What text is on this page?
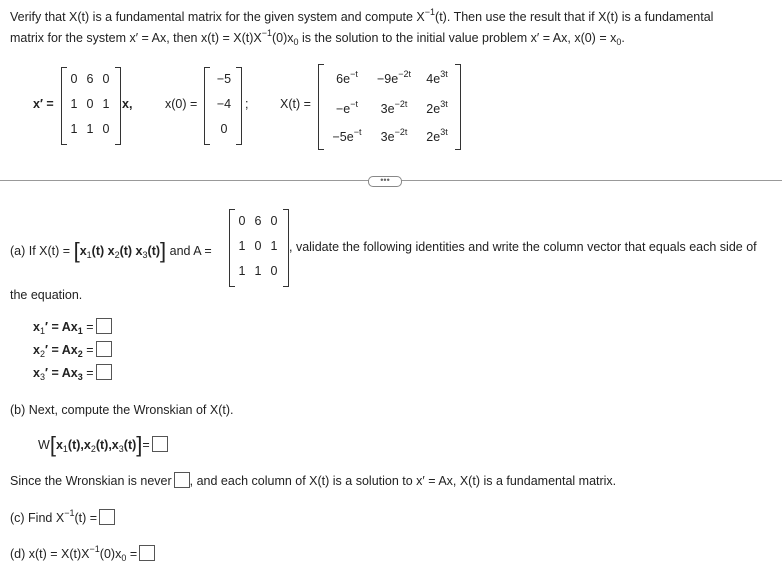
Verify that X(t) is a fundamental matrix for the given system and compute $X^{-1}(t)$. Then use the result that if X(t) is a fundamental
matrix for the system x′ = Ax, then $x(t) = X(t)X^{-1}(0)x_0$ is the solution to the initial value problem x′ = Ax, $x(0) = x_0$.
x′ =
0 6 0
1 0 1
1 1 0
x,	x(0) =
−5
−4
0
;	X(t) =
$6e^{-t}$	$-9e^{-2t}$	$4e^{3t}$
$-e^{-t}$	$3e^{-2t}$	$2e^{3t}$
$-5e^{-t}$	$3e^{-2t}$	$2e^{3t}$
•••
(a) If $X(t) = [x_1(t)$ $x_2(t)$ $x_3(t)$] and A =
0 6 0
1 0 1
1 1 0
, validate the following identities and write the column vector that equals each side of
the equation.
$x_1' = Ax_1$ =
$x_2' = Ax_2$ =
$x_3' = Ax_3$ =
(b) Next, compute the Wronskian of X(t).
$W[x_1(t),x_2(t),x_3(t)]=$
Since the Wronskian is never , and each column of X(t) is a solution to x′ = Ax, X(t) is a fundamental matrix.
(c) Find $X^{-1}(t)$ =
(d) $x(t) = X(t)X^{-1}(0)x_0$ =
